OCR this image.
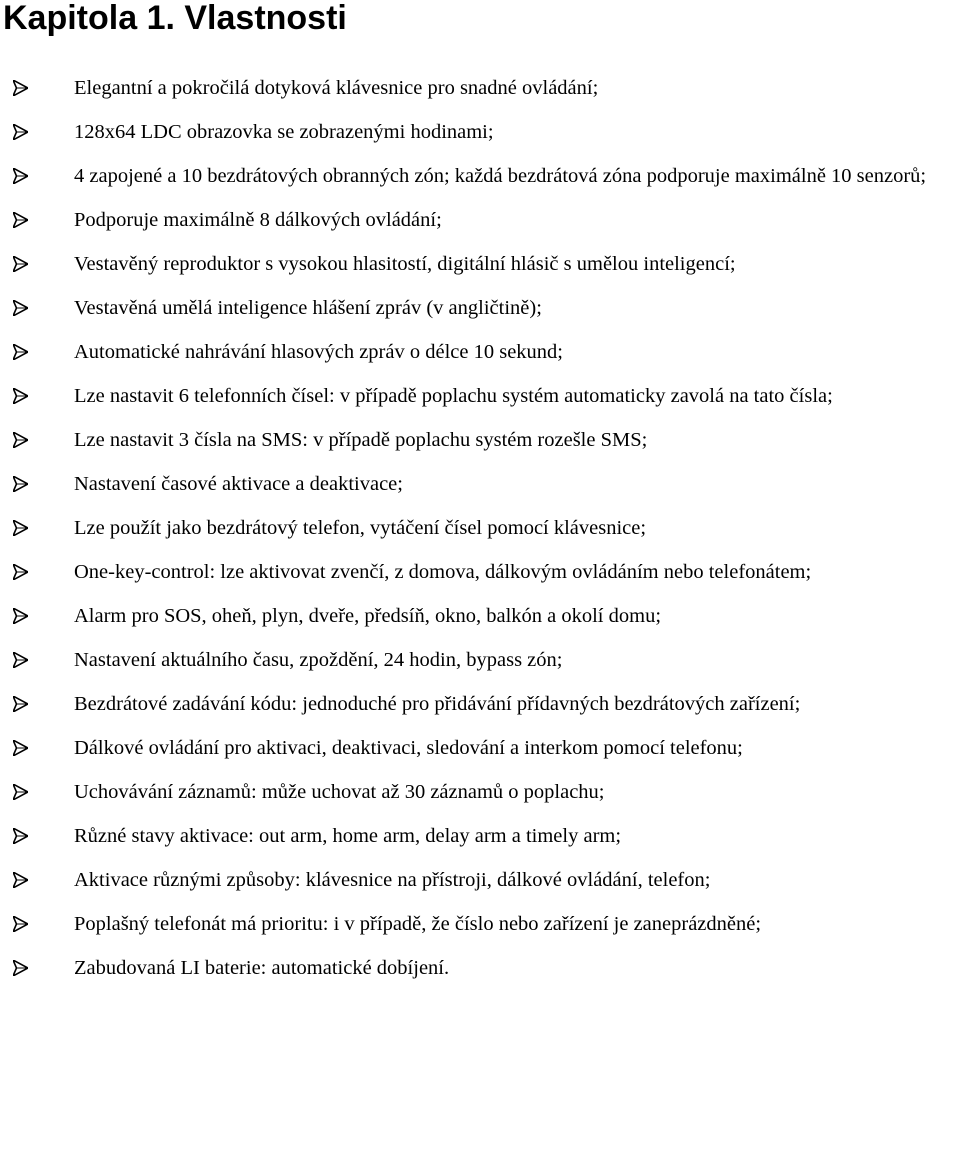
Kapitola 1. Vlastnosti
Elegantní a pokročilá dotyková klávesnice pro snadné ovládání;
128x64 LDC obrazovka se zobrazenými hodinami;
4 zapojené a 10 bezdrátových obranných zón; každá bezdrátová zóna podporuje maximálně 10 senzorů;
Podporuje maximálně 8 dálkových ovládání;
Vestavěný reproduktor s vysokou hlasitostí, digitální hlásič s umělou inteligencí;
Vestavěná umělá inteligence hlášení zpráv (v angličtině);
Automatické nahrávání hlasových zpráv o délce 10 sekund;
Lze nastavit 6 telefonních čísel: v případě poplachu systém automaticky zavolá na tato čísla;
Lze nastavit 3 čísla na SMS: v případě poplachu systém rozešle SMS;
Nastavení časové aktivace a deaktivace;
Lze použít jako bezdrátový telefon, vytáčení čísel pomocí klávesnice;
One-key-control: lze aktivovat zvenčí, z domova, dálkovým ovládáním nebo telefonátem;
Alarm pro SOS, oheň, plyn, dveře, předsíň, okno, balkón a okolí domu;
Nastavení aktuálního času, zpoždění, 24 hodin, bypass zón;
Bezdrátové zadávání kódu: jednoduché pro přidávání přídavných bezdrátových zařízení;
Dálkové ovládání pro aktivaci, deaktivaci, sledování a interkom pomocí telefonu;
Uchovávání záznamů: může uchovat až 30 záznamů o poplachu;
Různé stavy aktivace: out arm, home arm, delay arm a timely arm;
Aktivace různými způsoby: klávesnice na přístroji, dálkové ovládání, telefon;
Poplašný telefonát má prioritu: i v případě, že číslo nebo zařízení je zaneprázdněné;
Zabudovaná LI baterie: automatické dobíjení.
